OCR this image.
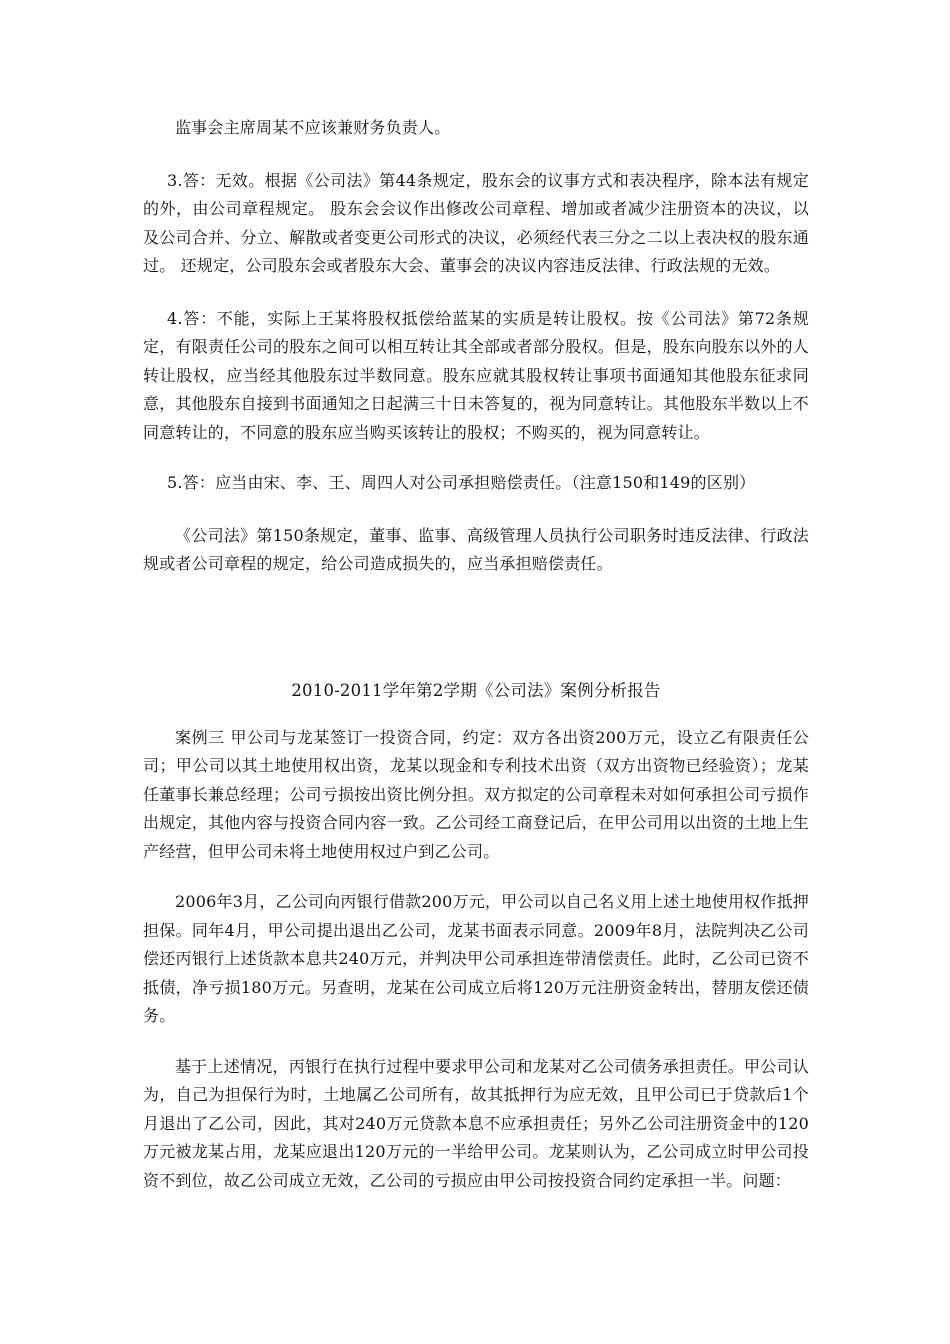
监事会主席周某不应该兼财务负责人。

3.答：无效。根据《公司法》第44条规定，股东会的议事方式和表决程序，除本法有规定的外，由公司章程规定。 股东会会议作出修改公司章程、增加或者减少注册资本的决议，以及公司合并、分立、解散或者变更公司形式的决议，必须经代表三分之二以上表决权的股东通过。 还规定，公司股东会或者股东大会、董事会的决议内容违反法律、行政法规的无效。

4.答：不能，实际上王某将股权抵偿给蓝某的实质是转让股权。按《公司法》第72条规定，有限责任公司的股东之间可以相互转让其全部或者部分股权。但是，股东向股东以外的人转让股权，应当经其他股东过半数同意。股东应就其股权转让事项书面通知其他股东征求同意，其他股东自接到书面通知之日起满三十日未答复的，视为同意转让。其他股东半数以上不同意转让的，不同意的股东应当购买该转让的股权；不购买的，视为同意转让。

5.答：应当由宋、李、王、周四人对公司承担赔偿责任。（注意150和149的区别）

《公司法》第150条规定，董事、监事、高级管理人员执行公司职务时违反法律、行政法规或者公司章程的规定，给公司造成损失的，应当承担赔偿责任。

2010-2011学年第2学期《公司法》案例分析报告

案例三 甲公司与龙某签订一投资合同，约定：双方各出资200万元，设立乙有限责任公司；甲公司以其土地使用权出资，龙某以现金和专利技术出资（双方出资物已经验资）；龙某任董事长兼总经理；公司亏损按出资比例分担。双方拟定的公司章程未对如何承担公司亏损作出规定，其他内容与投资合同内容一致。乙公司经工商登记后，在甲公司用以出资的土地上生产经营，但甲公司未将土地使用权过户到乙公司。

2006年3月，乙公司向丙银行借款200万元，甲公司以自己名义用上述土地使用权作抵押担保。同年4月，甲公司提出退出乙公司，龙某书面表示同意。2009年8月，法院判决乙公司偿还丙银行上述货款本息共240万元，并判决甲公司承担连带清偿责任。此时，乙公司已资不抵债，净亏损180万元。另查明，龙某在公司成立后将120万元注册资金转出，替朋友偿还债务。

基于上述情况，丙银行在执行过程中要求甲公司和龙某对乙公司债务承担责任。甲公司认为，自己为担保行为时，土地属乙公司所有，故其抵押行为应无效，且甲公司已于贷款后1个月退出了乙公司，因此，其对240万元贷款本息不应承担责任；另外乙公司注册资金中的120万元被龙某占用，龙某应退出120万元的一半给甲公司。龙某则认为，乙公司成立时甲公司投资不到位，故乙公司成立无效，乙公司的亏损应由甲公司按投资合同约定承担一半。问题：
